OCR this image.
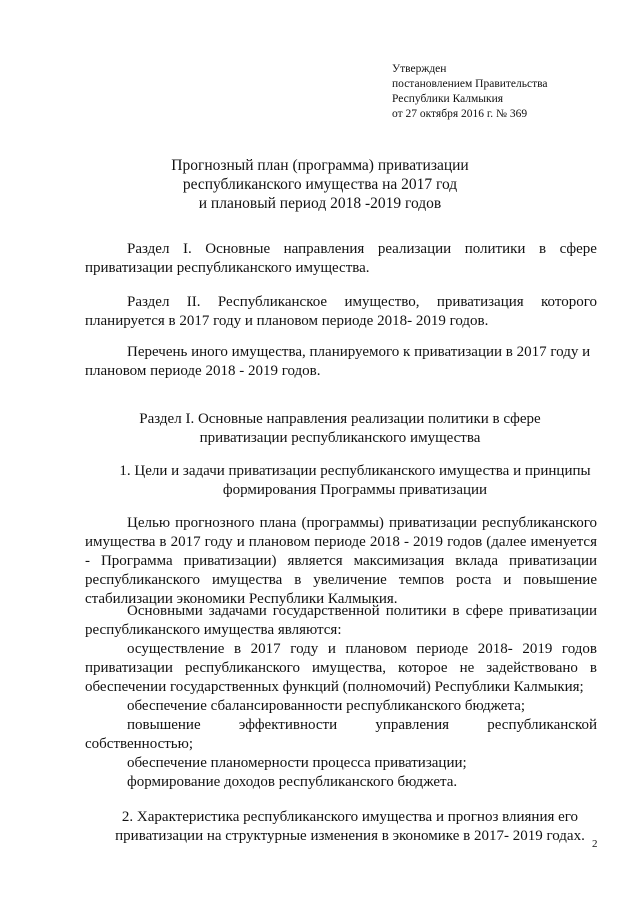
Утвержден
постановлением Правительства
Республики Калмыкия
от 27 октября 2016 г. № 369
Прогнозный план (программа) приватизации
республиканского имущества на 2017 год
и плановый период 2018 -2019 годов
Раздел I. Основные направления реализации политики в сфере
приватизации республиканского имущества.
Раздел II. Республиканское имущество, приватизация которого
планируется в 2017 году и плановом периоде 2018- 2019 годов.
Перечень иного имущества, планируемого к приватизации в 2017 году и
плановом периоде 2018 - 2019 годов.
Раздел I. Основные направления реализации политики в сфере
приватизации республиканского имущества
1. Цели и задачи приватизации республиканского имущества и принципы
формирования Программы приватизации
Целью прогнозного плана (программы) приватизации республиканского имущества в 2017 году и плановом периоде 2018 - 2019 годов (далее именуется - Программа приватизации) является максимизация вклада приватизации республиканского имущества в увеличение темпов роста и повышение стабилизации экономики Республики Калмыкия.
Основными задачами государственной политики в сфере приватизации республиканского имущества являются:
осуществление в 2017 году и плановом периоде 2018- 2019 годов приватизации республиканского имущества, которое не задействовано в обеспечении государственных функций (полномочий) Республики Калмыкия;
обеспечение сбалансированности республиканского бюджета;
повышение	эффективности	управления	республиканской
собственностью;
обеспечение планомерности процесса приватизации;
формирование доходов республиканского бюджета.
2. Характеристика республиканского имущества и прогноз влияния его
приватизации на структурные изменения в экономике в 2017- 2019 годах. 2
